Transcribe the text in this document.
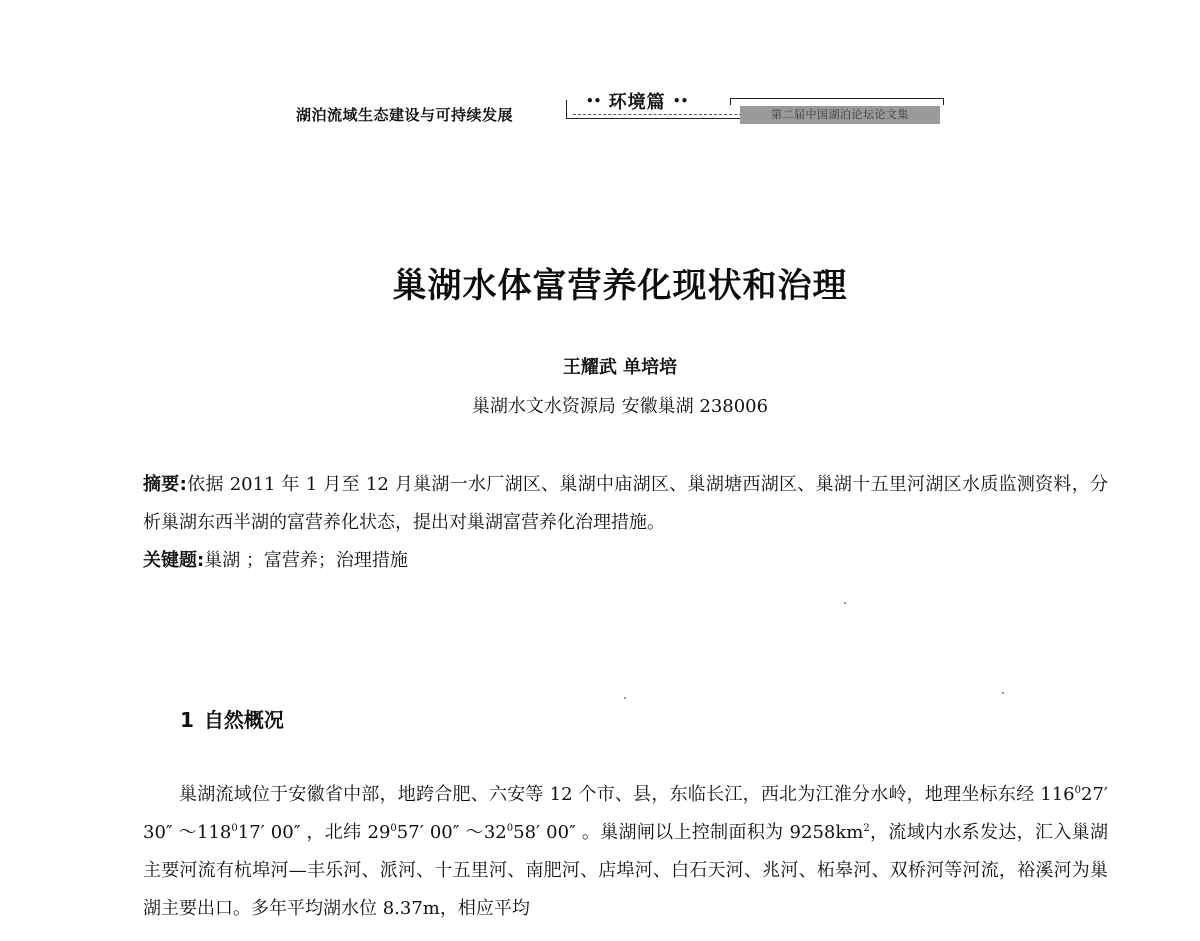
湖泊流域生态建设与可持续发展
•• 环境篇 ••
第二届中国湖泊论坛论文集
巢湖水体富营养化现状和治理
王耀武 单培培
巢湖水文水资源局 安徽巢湖 238006
摘要:依据 2011 年 1 月至 12 月巢湖一水厂湖区、巢湖中庙湖区、巢湖塘西湖区、巢湖十五里河湖区水质监测资料，分析巢湖东西半湖的富营养化状态，提出对巢湖富营养化治理措施。
关键题:巢湖 ；富营养；治理措施
1 自然概况

巢湖流域位于安徽省中部，地跨合肥、六安等 12 个市、县，东临长江，西北为江淮分水岭，地理坐标东经 $116^027'$ 30″ $\sim 118^017'$ 00″ ，北纬 $29^057'$ 00″ $\sim 32^058'$ 00″ 。巢湖闸以上控制面积为 $9258km^2$，流域内水系发达，汇入巢湖主要河流有杭埠河—丰乐河、派河、十五里河、南肥河、店埠河、白石天河、兆河、柘皋河、双桥河等河流，裕溪河为巢湖主要出口。多年平均湖水位 8.37m，相应平均
